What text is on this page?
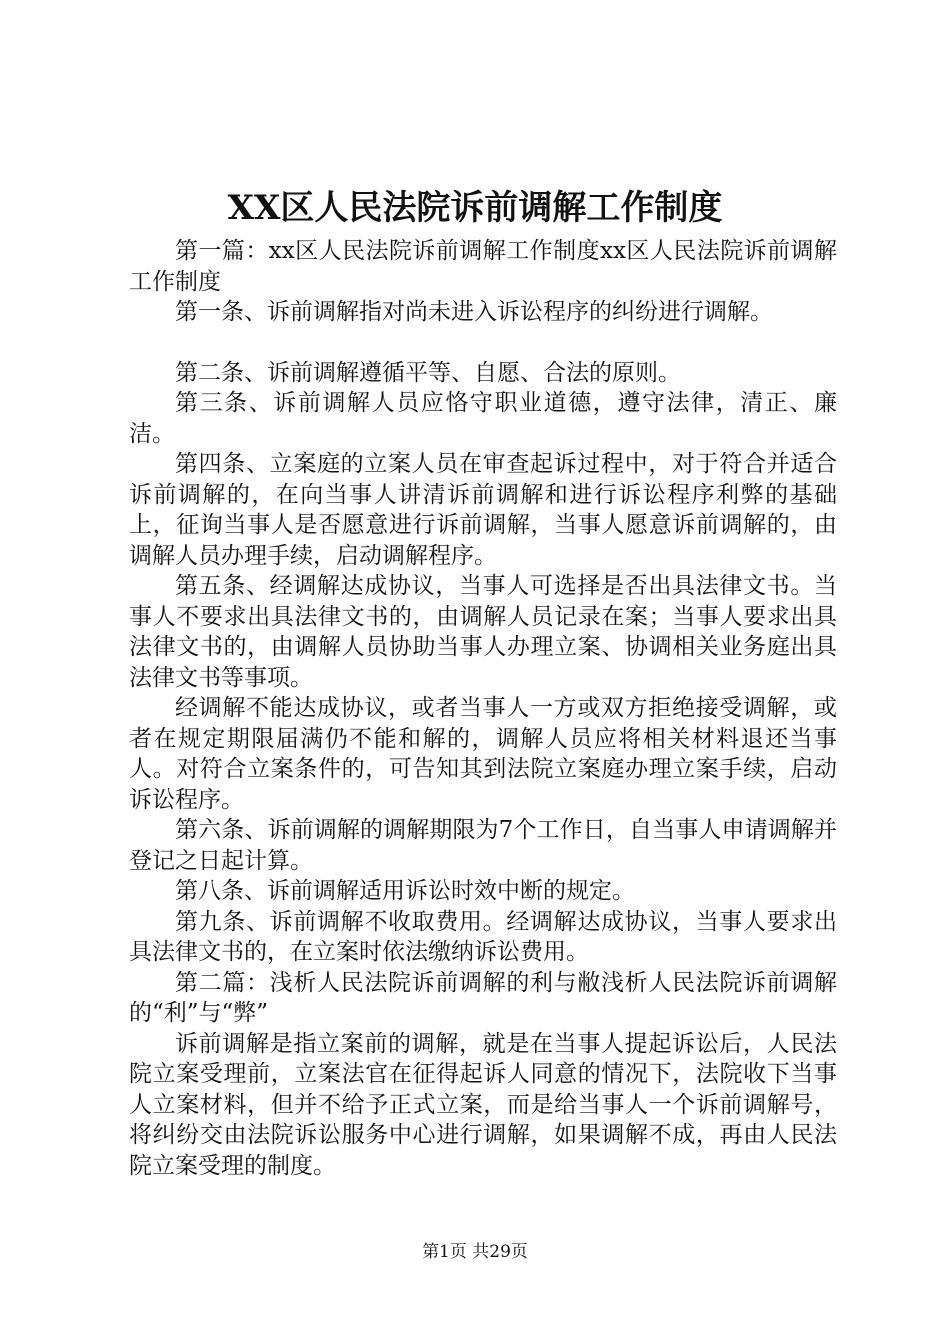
XX区人民法院诉前调解工作制度

第一篇：xx区人民法院诉前调解工作制度xx区人民法院诉前调解工作制度

第一条、诉前调解指对尚未进入诉讼程序的纠纷进行调解。

第二条、诉前调解遵循平等、自愿、合法的原则。

第三条、诉前调解人员应恪守职业道德，遵守法律，清正、廉洁。

第四条、立案庭的立案人员在审查起诉过程中，对于符合并适合诉前调解的，在向当事人讲清诉前调解和进行诉讼程序利弊的基础上，征询当事人是否愿意进行诉前调解，当事人愿意诉前调解的，由调解人员办理手续，启动调解程序。

第五条、经调解达成协议，当事人可选择是否出具法律文书。当事人不要求出具法律文书的，由调解人员记录在案；当事人要求出具法律文书的，由调解人员协助当事人办理立案、协调相关业务庭出具法律文书等事项。

经调解不能达成协议，或者当事人一方或双方拒绝接受调解，或者在规定期限届满仍不能和解的，调解人员应将相关材料退还当事人。对符合立案条件的，可告知其到法院立案庭办理立案手续，启动诉讼程序。

第六条、诉前调解的调解期限为7个工作日，自当事人申请调解并登记之日起计算。

第八条、诉前调解适用诉讼时效中断的规定。

第九条、诉前调解不收取费用。经调解达成协议，当事人要求出具法律文书的，在立案时依法缴纳诉讼费用。

第二篇：浅析人民法院诉前调解的利与敝浅析人民法院诉前调解的“利”与“弊”

诉前调解是指立案前的调解，就是在当事人提起诉讼后，人民法院立案受理前，立案法官在征得起诉人同意的情况下，法院收下当事人立案材料，但并不给予正式立案，而是给当事人一个诉前调解号，将纠纷交由法院诉讼服务中心进行调解，如果调解不成，再由人民法院立案受理的制度。

第1页 共29页
